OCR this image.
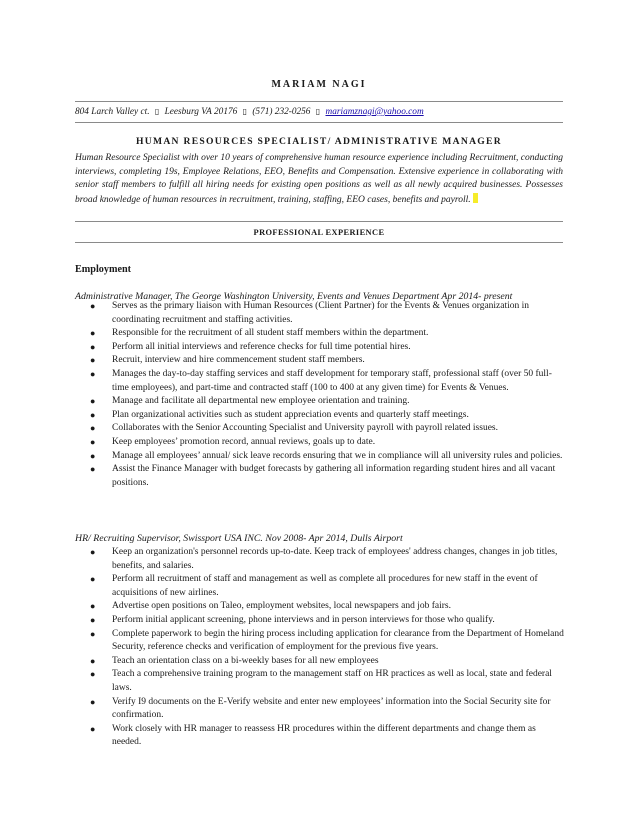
MARIAM NAGI
804 Larch Valley ct. ▯ Leesburg VA 20176 ▯ (571) 232-0256 ▯ mariamznagi@yahoo.com
HUMAN RESOURCES SPECIALIST/ ADMINISTRATIVE MANAGER
Human Resource Specialist with over 10 years of comprehensive human resource experience including Recruitment, conducting interviews, completing 19s, Employee Relations, EEO, Benefits and Compensation. Extensive experience in collaborating with senior staff members to fulfill all hiring needs for existing open positions as well as all newly acquired businesses. Possesses broad knowledge of human resources in recruitment, training, staffing, EEO cases, benefits and payroll.
PROFESSIONAL EXPERIENCE
Employment
Administrative Manager, The George Washington University, Events and Venues Department Apr 2014- present
● Serves as the primary liaison with Human Resources (Client Partner) for the Events & Venues organization in coordinating recruitment and staffing activities.
● Responsible for the recruitment of all student staff members within the department.
● Perform all initial interviews and reference checks for full time potential hires.
● Recruit, interview and hire commencement student staff members.
● Manages the day-to-day staffing services and staff development for temporary staff, professional staff (over 50 full-time employees), and part-time and contracted staff (100 to 400 at any given time) for Events & Venues.
● Manage and facilitate all departmental new employee orientation and training.
● Plan organizational activities such as student appreciation events and quarterly staff meetings.
● Collaborates with the Senior Accounting Specialist and University payroll with payroll related issues.
● Keep employees’ promotion record, annual reviews, goals up to date.
● Manage all employees’ annual/ sick leave records ensuring that we in compliance will all university rules and policies.
● Assist the Finance Manager with budget forecasts by gathering all information regarding student hires and all vacant positions.
HR/ Recruiting Supervisor, Swissport USA INC. Nov 2008- Apr 2014, Dulls Airport
● Keep an organization's personnel records up-to-date. Keep track of employees' address changes, changes in job titles, benefits, and salaries.
● Perform all recruitment of staff and management as well as complete all procedures for new staff in the event of acquisitions of new airlines.
● Advertise open positions on Taleo, employment websites, local newspapers and job fairs.
● Perform initial applicant screening, phone interviews and in person interviews for those who qualify.
● Complete paperwork to begin the hiring process including application for clearance from the Department of Homeland Security, reference checks and verification of employment for the previous five years.
● Teach an orientation class on a bi-weekly bases for all new employees
● Teach a comprehensive training program to the management staff on HR practices as well as local, state and federal laws.
● Verify I9 documents on the E-Verify website and enter new employees’ information into the Social Security site for confirmation.
● Work closely with HR manager to reassess HR procedures within the different departments and change them as needed.
